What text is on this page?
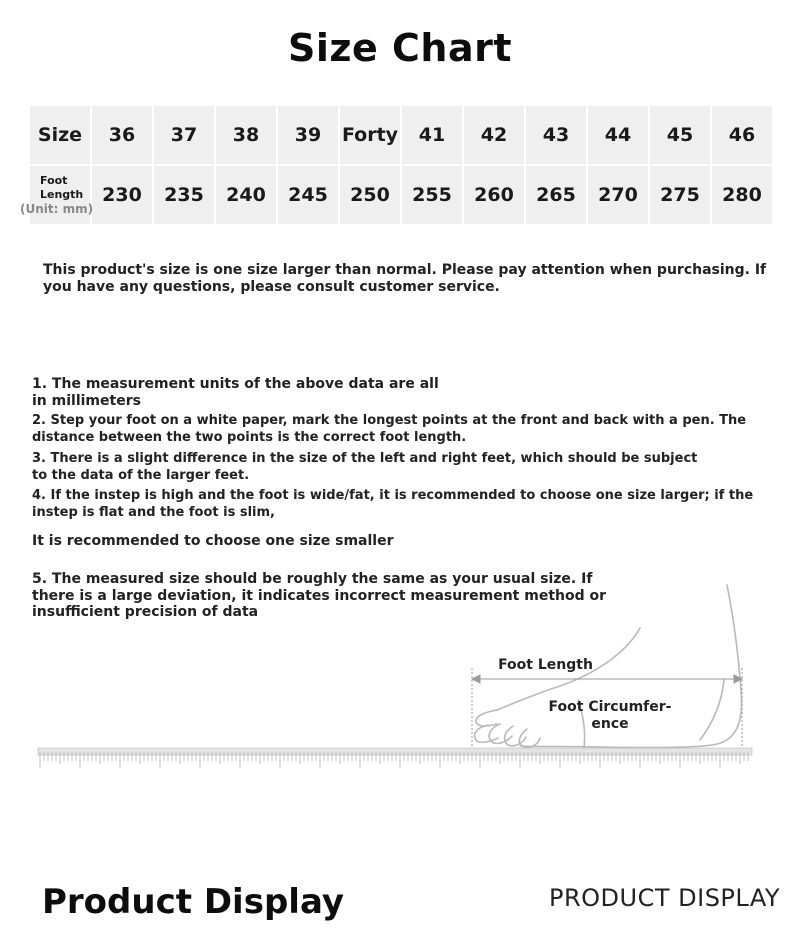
Size Chart
Size	36	37	38	39	Forty	41	42	43	44	45	46

Foot Length
(Unit: mm)	230	235	240	245	250	255	260	265	270	275	280
This product's size is one size larger than normal. Please pay attention when purchasing. If you have any questions, please consult customer service.
1. The measurement units of the above data are all in millimeters
2. Step your foot on a white paper, mark the longest points at the front and back with a pen. The distance between the two points is the correct foot length.
3. There is a slight difference in the size of the left and right feet, which should be subject to the data of the larger feet.
4. If the instep is high and the foot is wide/fat, it is recommended to choose one size larger; if the instep is flat and the foot is slim,
It is recommended to choose one size smaller
5. The measured size should be roughly the same as your usual size. If there is a large deviation, it indicates incorrect measurement method or insufficient precision of data
Foot Length
Foot Circumfer-
ence
Product Display	PRODUCT DISPLAY
